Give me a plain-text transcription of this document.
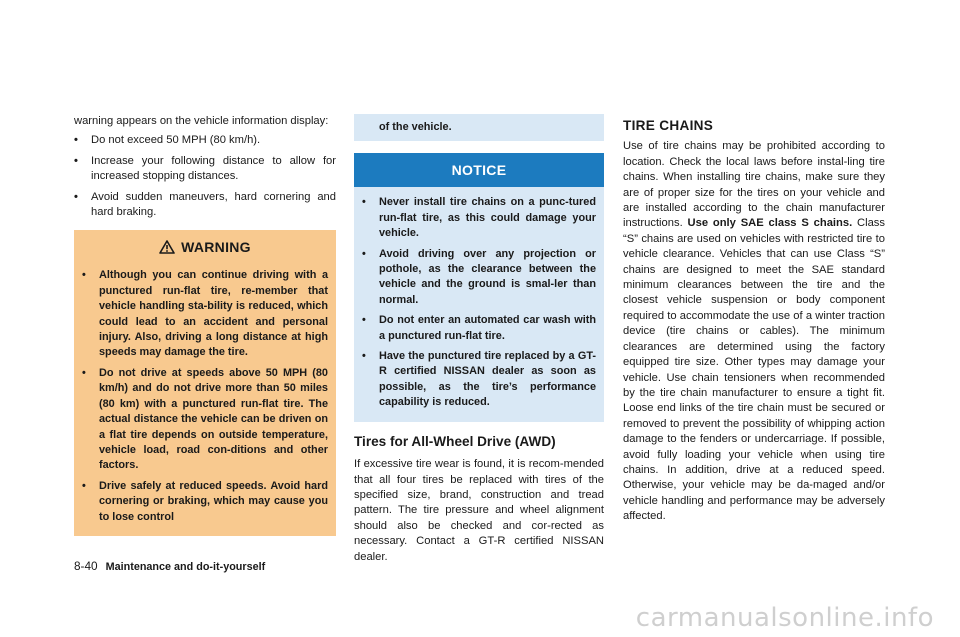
warning appears on the vehicle information display:

• Do not exceed 50 MPH (80 km/h).
• Increase your following distance to allow for increased stopping distances.
• Avoid sudden maneuvers, hard cornering and hard braking.
WARNING
• Although you can continue driving with a punctured run-flat tire, re-member that vehicle handling sta-bility is reduced, which could lead to an accident and personal injury. Also, driving a long distance at high speeds may damage the tire.
• Do not drive at speeds above 50 MPH (80 km/h) and do not drive more than 50 miles (80 km) with a punctured run-flat tire. The actual distance the vehicle can be driven on a flat tire depends on outside temperature, vehicle load, road con-ditions and other factors.
• Drive safely at reduced speeds. Avoid hard cornering or braking, which may cause you to lose control
of the vehicle.
NOTICE
• Never install tire chains on a punc-tured run-flat tire, as this could damage your vehicle.
• Avoid driving over any projection or pothole, as the clearance between the vehicle and the ground is smal-ler than normal.
• Do not enter an automated car wash with a punctured run-flat tire.
• Have the punctured tire replaced by a GT-R certified NISSAN dealer as soon as possible, as the tire’s performance capability is reduced.
Tires for All-Wheel Drive (AWD)

If excessive tire wear is found, it is recom-mended that all four tires be replaced with tires of the specified size, brand, construction and tread pattern. The tire pressure and wheel alignment should also be checked and cor-rected as necessary. Contact a GT-R certified NISSAN dealer.

TIRE CHAINS

Use of tire chains may be prohibited according to location. Check the local laws before instal-ling tire chains. When installing tire chains, make sure they are of proper size for the tires on your vehicle and are installed according to the chain manufacturer instructions. Use only SAE class S chains. Class “S” chains are used on vehicles with restricted tire to vehicle clearance. Vehicles that can use Class “S” chains are designed to meet the SAE standard minimum clearances between the tire and the closest vehicle suspension or body component required to accommodate the use of a winter traction device (tire chains or cables). The minimum clearances are determined using the factory equipped tire size. Other types may damage your vehicle. Use chain tensioners when recommended by the tire chain manufacturer to ensure a tight fit. Loose end links of the tire chain must be secured or removed to prevent the possibility of whipping action damage to the fenders or undercarriage. If possible, avoid fully loading your vehicle when using tire chains. In addition, drive at a reduced speed. Otherwise, your vehicle may be da-maged and/or vehicle handling and performance may be adversely affected.

8-40 Maintenance and do-it-yourself
carmanualsonline.info
